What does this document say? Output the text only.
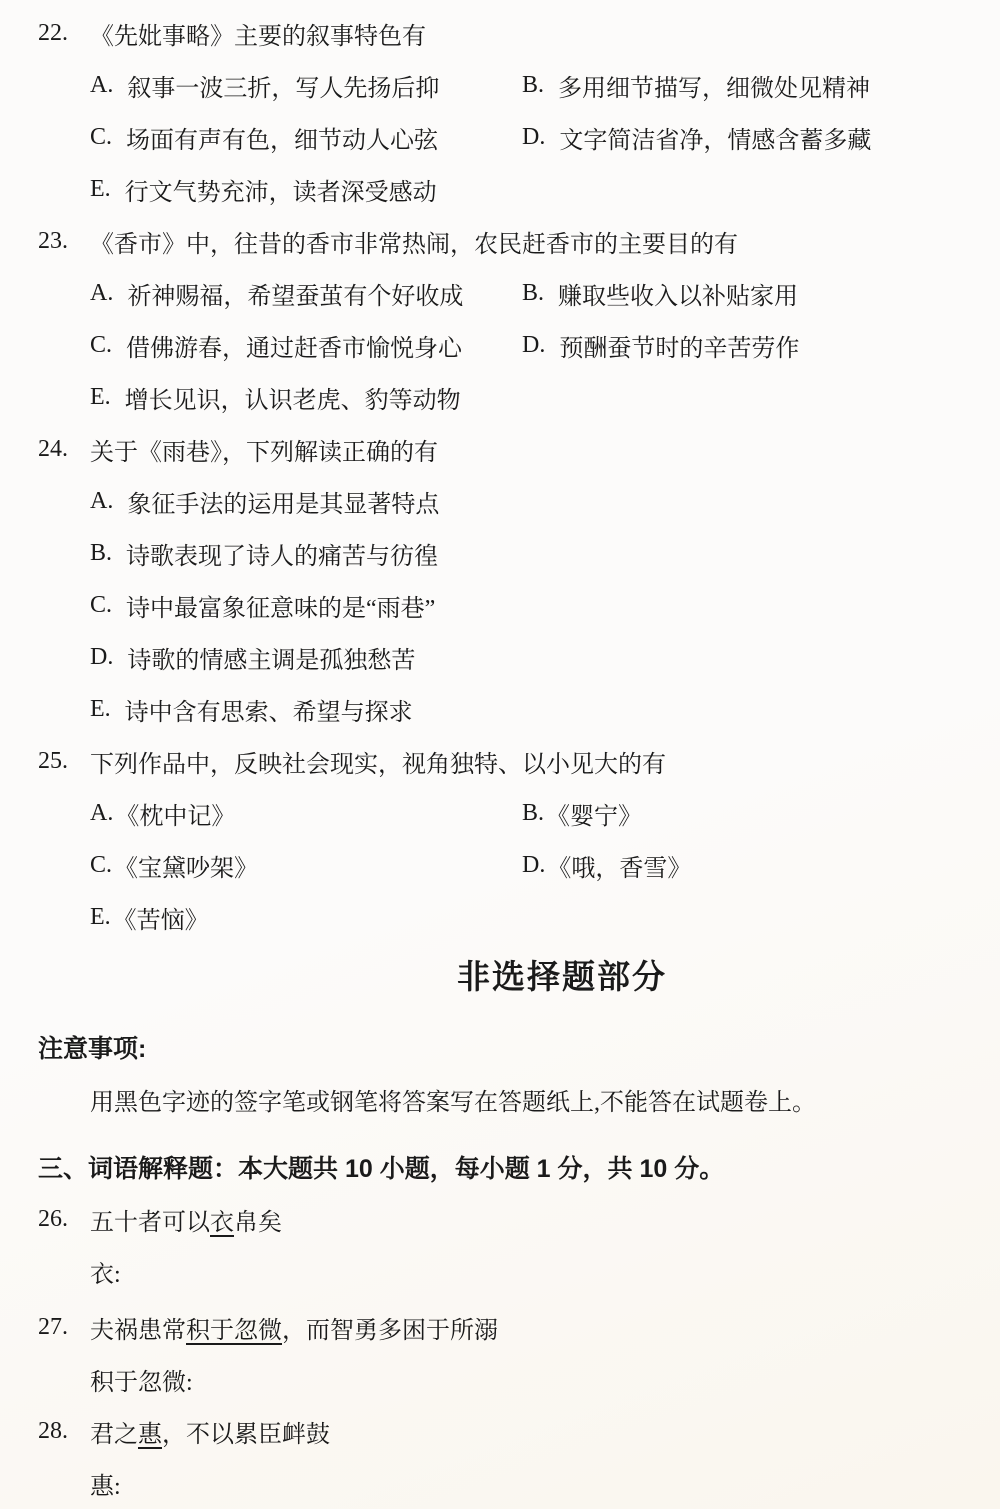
22. 《先妣事略》主要的叙事特色有
A. 叙事一波三折，写人先扬后抑	B. 多用细节描写，细微处见精神
C. 场面有声有色，细节动人心弦	D. 文字简洁省净，情感含蓄多藏
E. 行文气势充沛，读者深受感动
23. 《香市》中，往昔的香市非常热闹，农民赶香市的主要目的有
A. 祈神赐福，希望蚕茧有个好收成 B. 赚取些收入以补贴家用
C. 借佛游春，通过赶香市愉悦身心 D. 预酬蚕节时的辛苦劳作
E. 增长见识，认识老虎、豹等动物
24. 关于《雨巷》，下列解读正确的有
A. 象征手法的运用是其显著特点
B. 诗歌表现了诗人的痛苦与彷徨
C. 诗中最富象征意味的是“雨巷”
D. 诗歌的情感主调是孤独愁苦
E. 诗中含有思索、希望与探求
25. 下列作品中，反映社会现实，视角独特、以小见大的有
A. 《枕中记》	B. 《婴宁》
C. 《宝黛吵架》	D. 《哦，香雪》
E. 《苦恼》
非选择题部分
注意事项:
用黑色字迹的签字笔或钢笔将答案写在答题纸上,不能答在试题卷上。
三、词语解释题：本大题共 10 小题，每小题 1 分，共 10 分。
26. 五十者可以 衣 帛矣
衣:
27. 夫祸患常 积于忽微 ，而智勇多困于所溺
积于忽微:
28. 君之 惠 ，不以累臣衅鼓
惠:
